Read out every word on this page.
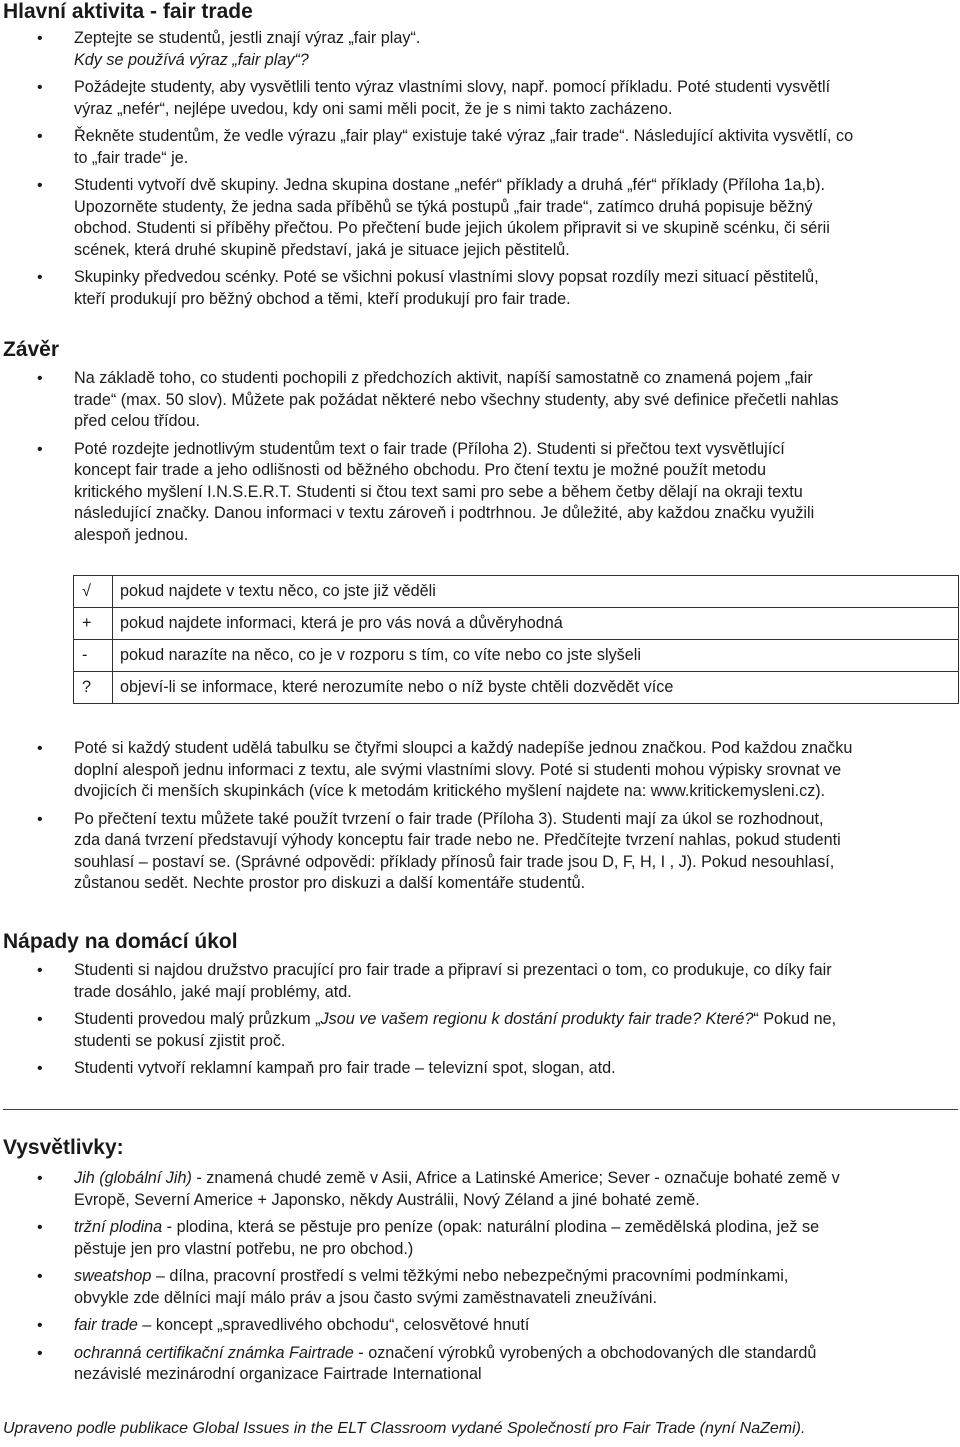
Hlavní aktivita - fair trade
• Zeptejte se studentů, jestli znají výraz „fair play“.
Kdy se používá výraz „fair play“?
• Požádejte studenty, aby vysvětlili tento výraz vlastními slovy, např. pomocí příkladu. Poté studenti vysvětlí
výraz „nefér“, nejlépe uvedou, kdy oni sami měli pocit, že je s nimi takto zacházeno.
• Řekněte studentům, že vedle výrazu „fair play“ existuje také výraz „fair trade“. Následující aktivita vysvětlí, co
to „fair trade“ je.
• Studenti vytvoří dvě skupiny. Jedna skupina dostane „nefér“ příklady a druhá „fér“ příklady (Příloha 1a,b).
Upozorněte studenty, že jedna sada příběhů se týká postupů „fair trade“, zatímco druhá popisuje běžný
obchod. Studenti si příběhy přečtou. Po přečtení bude jejich úkolem připravit si ve skupině scénku, či sérii
scének, která druhé skupině představí, jaká je situace jejich pěstitelů.
• Skupinky předvedou scénky. Poté se všichni pokusí vlastními slovy popsat rozdíly mezi situací pěstitelů,
kteří produkují pro běžný obchod a těmi, kteří produkují pro fair trade.
Závěr
• Na základě toho, co studenti pochopili z předchozích aktivit, napíší samostatně co znamená pojem „fair
trade“ (max. 50 slov). Můžete pak požádat některé nebo všechny studenty, aby své definice přečetli nahlas
před celou třídou.
• Poté rozdejte jednotlivým studentům text o fair trade (Příloha 2). Studenti si přečtou text vysvětlující
koncept fair trade a jeho odlišnosti od běžného obchodu. Pro čtení textu je možné použít metodu
kritického myšlení I.N.S.E.R.T. Studenti si čtou text sami pro sebe a během četby dělají na okraji textu
následující značky. Danou informaci v textu zároveň i podtrhnou. Je důležité, aby každou značku využili
alespoň jednou.
√	pokud najdete v textu něco, co jste již věděli
+	pokud najdete informaci, která je pro vás nová a důvěryhodná
-	pokud narazíte na něco, co je v rozporu s tím, co víte nebo co jste slyšeli
?	objeví-li se informace, které nerozumíte nebo o níž byste chtěli dozvědět více
• Poté si každý student udělá tabulku se čtyřmi sloupci a každý nadepíše jednou značkou. Pod každou značku
doplní alespoň jednu informaci z textu, ale svými vlastními slovy. Poté si studenti mohou výpisky srovnat ve
dvojicích či menších skupinkách (více k metodám kritického myšlení najdete na: www.kritickemysleni.cz).
• Po přečtení textu můžete také použít tvrzení o fair trade (Příloha 3). Studenti mají za úkol se rozhodnout,
zda daná tvrzení představují výhody konceptu fair trade nebo ne. Předčítejte tvrzení nahlas, pokud studenti
souhlasí – postaví se. (Správné odpovědi: příklady přínosů fair trade jsou D, F, H, I , J). Pokud nesouhlasí,
zůstanou sedět. Nechte prostor pro diskuzi a další komentáře studentů.
Nápady na domácí úkol
• Studenti si najdou družstvo pracující pro fair trade a připraví si prezentaci o tom, co produkuje, co díky fair
trade dosáhlo, jaké mají problémy, atd.
• Studenti provedou malý průzkum „Jsou ve vašem regionu k dostání produkty fair trade? Které?“ Pokud ne,
studenti se pokusí zjistit proč.
• Studenti vytvoří reklamní kampaň pro fair trade – televizní spot, slogan, atd.
Vysvětlivky:
• Jih (globální Jih) - znamená chudé země v Asii, Africe a Latinské Americe; Sever - označuje bohaté země v
Evropě, Severní Americe + Japonsko, někdy Austrálii, Nový Zéland a jiné bohaté země.
• tržní plodina - plodina, která se pěstuje pro peníze (opak: naturální plodina – zemědělská plodina, jež se
pěstuje jen pro vlastní potřebu, ne pro obchod.)
• sweatshop – dílna, pracovní prostředí s velmi těžkými nebo nebezpečnými pracovními podmínkami,
obvykle zde dělníci mají málo práv a jsou často svými zaměstnavateli zneužíváni.
• fair trade – koncept „spravedlivého obchodu“, celosvětové hnutí
• ochranná certifikační známka Fairtrade - označení výrobků vyrobených a obchodovaných dle standardů
nezávislé mezinárodní organizace Fairtrade International
Upraveno podle publikace Global Issues in the ELT Classroom vydané Společností pro Fair Trade (nyní NaZemi).
